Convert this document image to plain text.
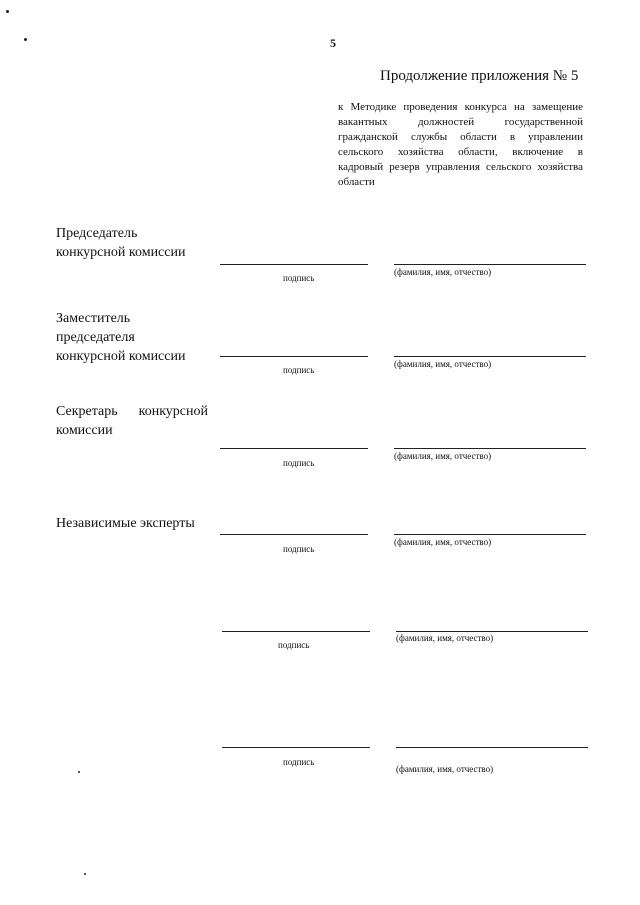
5
Продолжение приложения № 5
к Методике проведения конкурса на замещение вакантных должностей государственной гражданской службы области в управлении сельского хозяйства области, включение в кадровый резерв управления сельского хозяйства области
Председатель
конкурсной комиссии
подпись
(фамилия, имя, отчество)
Заместитель
председателя
конкурсной комиссии
подпись
(фамилия, имя, отчество)
Секретарь конкурсной
комиссии
подпись
(фамилия, имя, отчество)
Независимые эксперты
подпись
(фамилия, имя, отчество)
подпись
(фамилия, имя, отчество)
подпись
(фамилия, имя, отчество)
